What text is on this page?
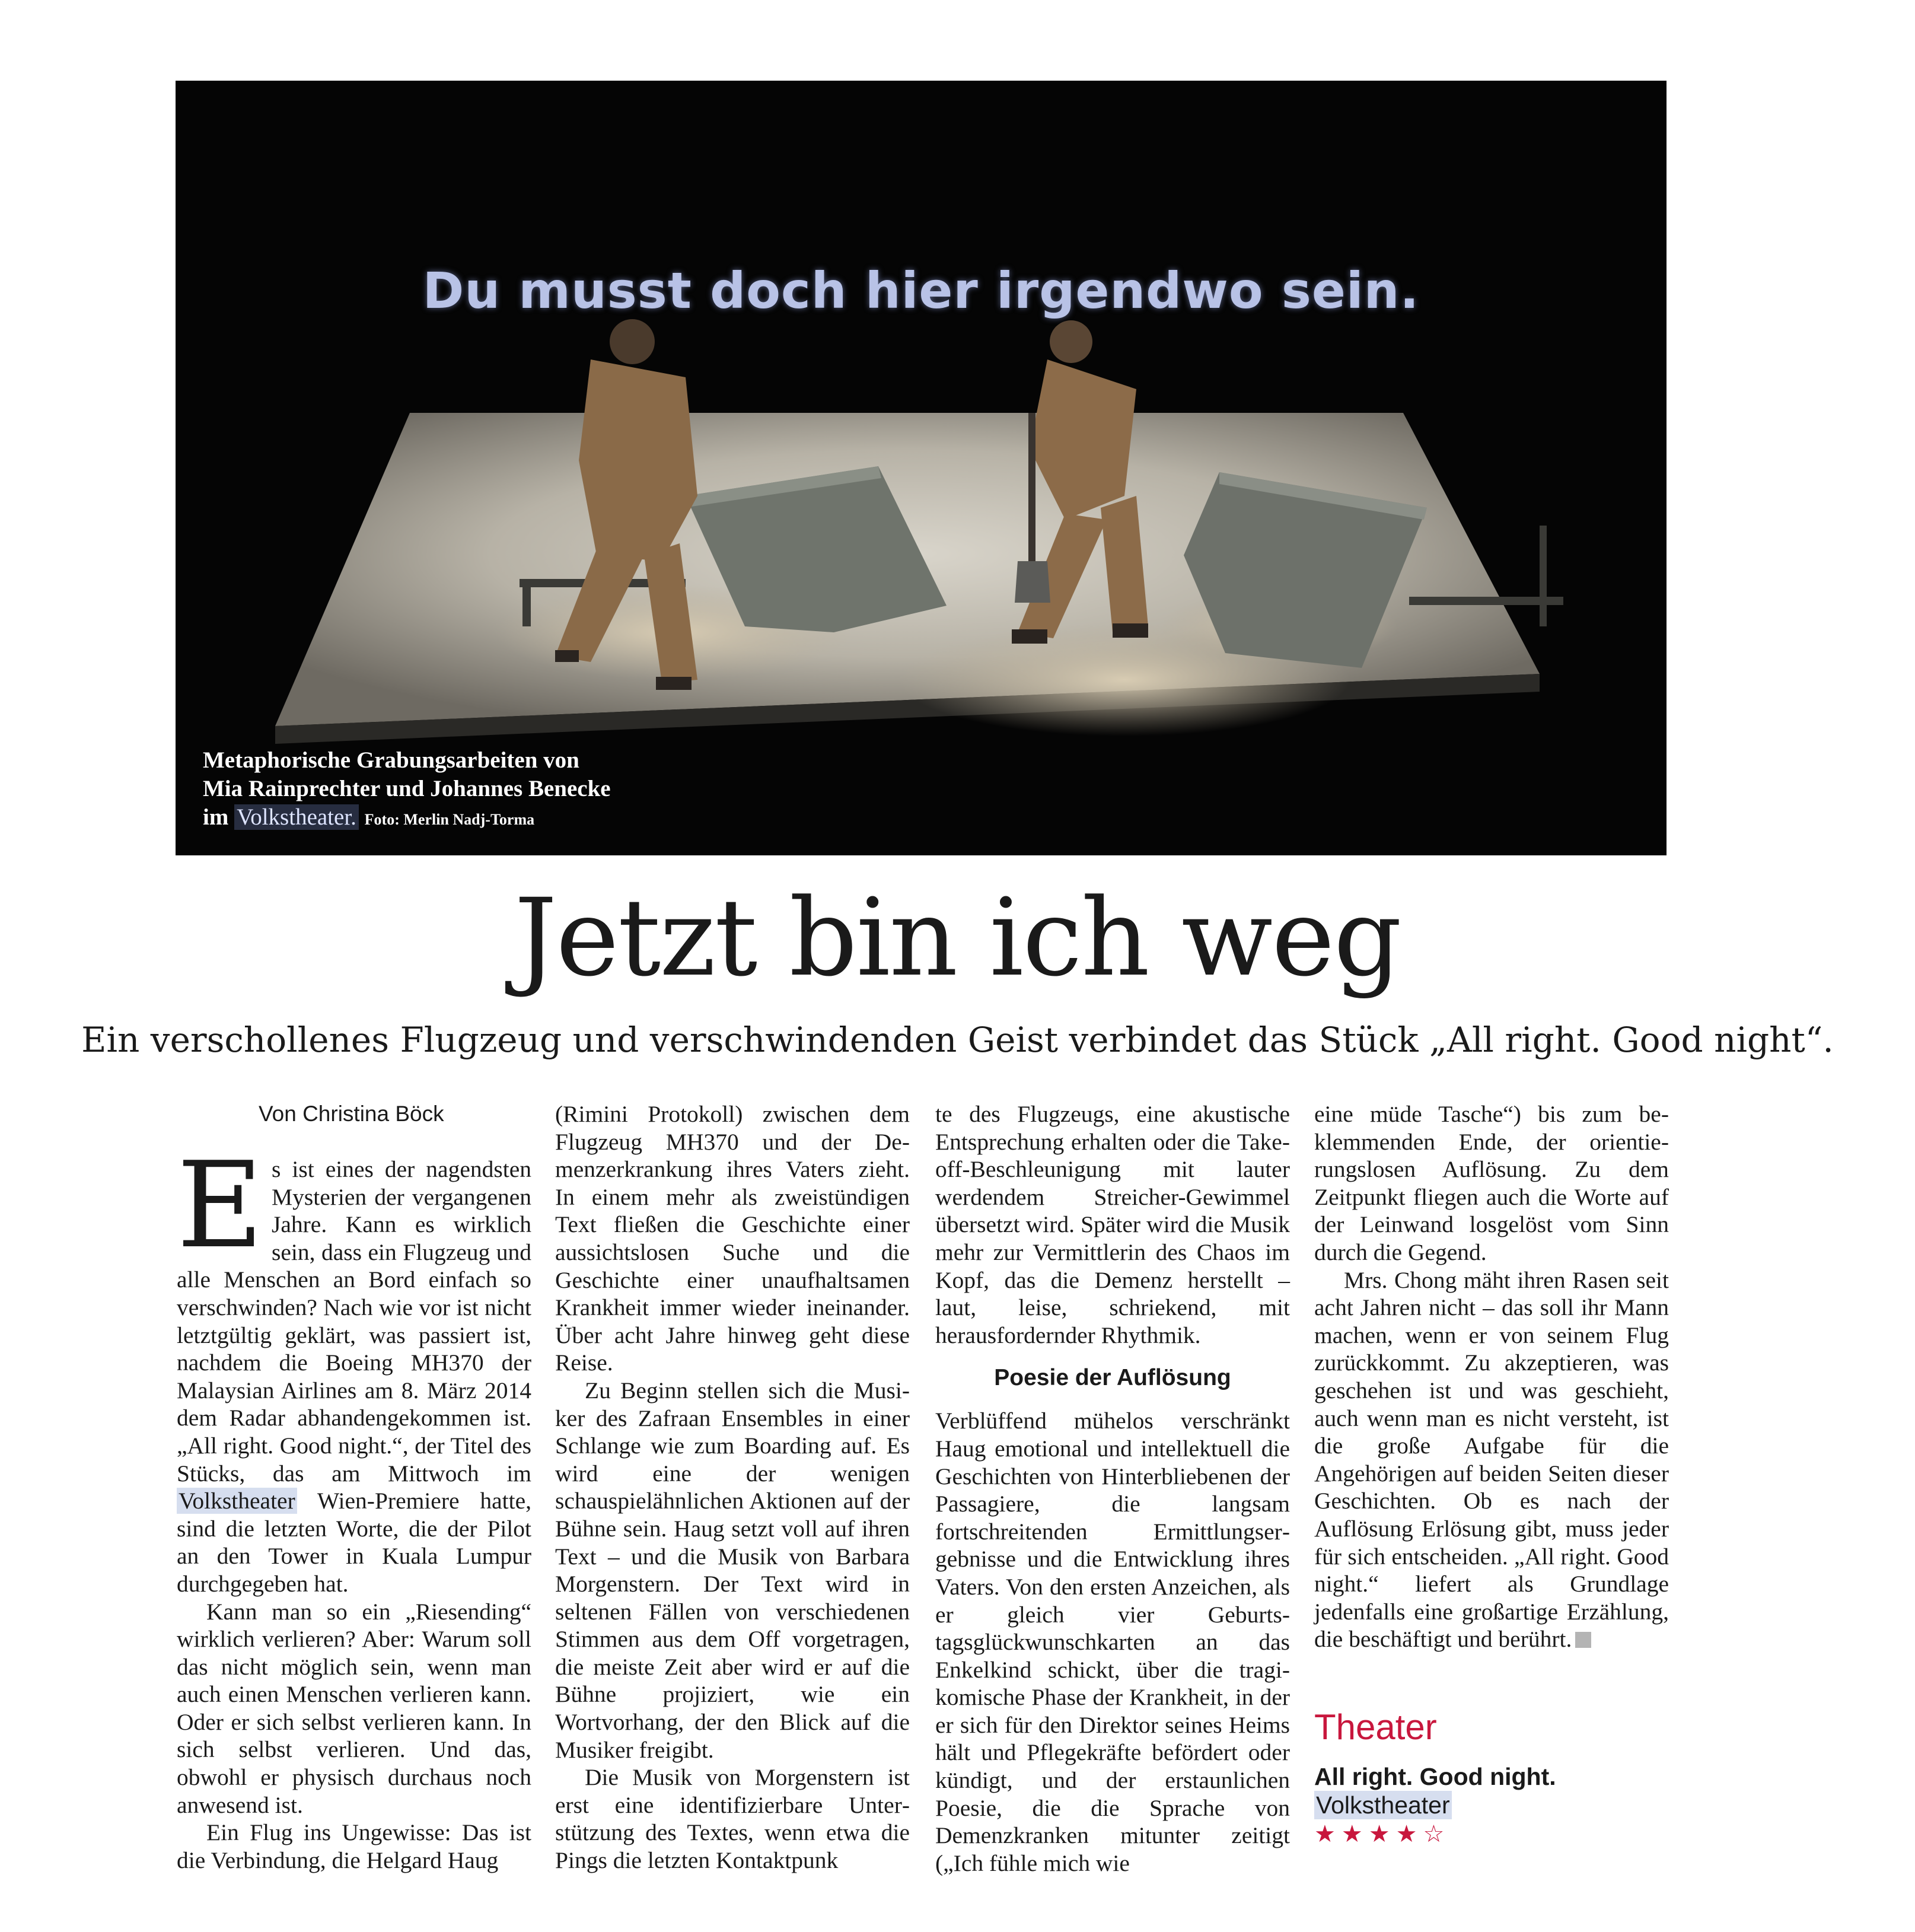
Du musst doch hier irgendwo sein.
Metaphorische Grabungsarbeiten von
Mia Rainprechter und Johannes Benecke
im Volkstheater. Foto: Merlin Nadj-Torma
Jetzt bin ich weg
Ein verschollenes Flugzeug und verschwindenden Geist verbindet das Stück „All right. Good night“.
Von Christina Böck

Es ist eines der nagendsten Mysterien der vergangenen Jahre. Kann es wirklich sein, dass ein Flugzeug und alle Menschen an Bord einfach so verschwinden? Nach wie vor ist nicht letztgültig geklärt, was passiert ist, nachdem die Boeing MH370 der Malaysian Airlines am 8. März 2014 dem Radar abhandengekommen ist. „All right. Good night.“, der Titel des Stücks, das am Mittwoch im Volkstheater Wien-Premiere hatte, sind die letzten Worte, die der Pilot an den Tower in Kuala Lumpur durchgegeben hat.

Kann man so ein „Riesending“ wirklich verlieren? Aber: Warum soll das nicht möglich sein, wenn man auch einen Menschen verlieren kann. Oder er sich selbst verlieren kann. In sich selbst verlieren. Und das, obwohl er physisch durchaus noch anwesend ist.

Ein Flug ins Ungewisse: Das ist die Verbindung, die Helgard Haug

(Rimini Protokoll) zwischen dem Flugzeug MH370 und der Demenzerkrankung ihres Vaters zieht. In einem mehr als zweistündigen Text fließen die Geschichte einer aussichtslosen Suche und die Geschichte einer unaufhaltsamen Krankheit immer wieder ineinander. Über acht Jahre hinweg geht diese Reise.

Zu Beginn stellen sich die Musiker des Zafraan Ensembles in einer Schlange wie zum Boarding auf. Es wird eine der wenigen schauspielähnlichen Aktionen auf der Bühne sein. Haug setzt voll auf ihren Text – und die Musik von Barbara Morgenstern. Der Text wird in seltenen Fällen von verschiedenen Stimmen aus dem Off vorgetragen, die meiste Zeit aber wird er auf die Bühne projiziert, wie ein Wortvorhang, der den Blick auf die Musiker freigibt.

Die Musik von Morgenstern ist erst eine identifizierbare Unterstützung des Textes, wenn etwa die Pings die letzten Kontaktpunk

te des Flugzeugs, eine akustische Entsprechung erhalten oder die Take-off-Beschleunigung mit lauter werdendem Streicher-Gewimmel übersetzt wird. Später wird die Musik mehr zur Vermittlerin des Chaos im Kopf, das die Demenz herstellt – laut, leise, schriekend, mit herausfordernder Rhythmik.

Poesie der Auflösung

Verblüffend mühelos verschränkt Haug emotional und intellektuell die Geschichten von Hinterbliebenen der Passagiere, die langsam fortschreitenden Ermittlungsergebnisse und die Entwicklung ihres Vaters. Von den ersten Anzeichen, als er gleich vier Geburtstagsglückwunschkarten an das Enkelkind schickt, über die tragikomische Phase der Krankheit, in der er sich für den Direktor seines Heims hält und Pflegekräfte befördert oder kündigt, und der erstaunlichen Poesie, die die Sprache von Demenzkranken mitunter zeitigt („Ich fühle mich wie

eine müde Tasche“) bis zum beklemmenden Ende, der orientierungslosen Auflösung. Zu dem Zeitpunkt fliegen auch die Worte auf der Leinwand losgelöst vom Sinn durch die Gegend.

Mrs. Chong mäht ihren Rasen seit acht Jahren nicht – das soll ihr Mann machen, wenn er von seinem Flug zurückkommt. Zu akzeptieren, was geschehen ist und was geschieht, auch wenn man es nicht versteht, ist die große Aufgabe für die Angehörigen auf beiden Seiten dieser Geschichten. Ob es nach der Auflösung Erlösung gibt, muss jeder für sich entscheiden. „All right. Good night.“ liefert als Grundlage jedenfalls eine großartige Erzählung, die beschäftigt und berührt.

Theater
All right. Good night.
Volkstheater
★★★★☆
